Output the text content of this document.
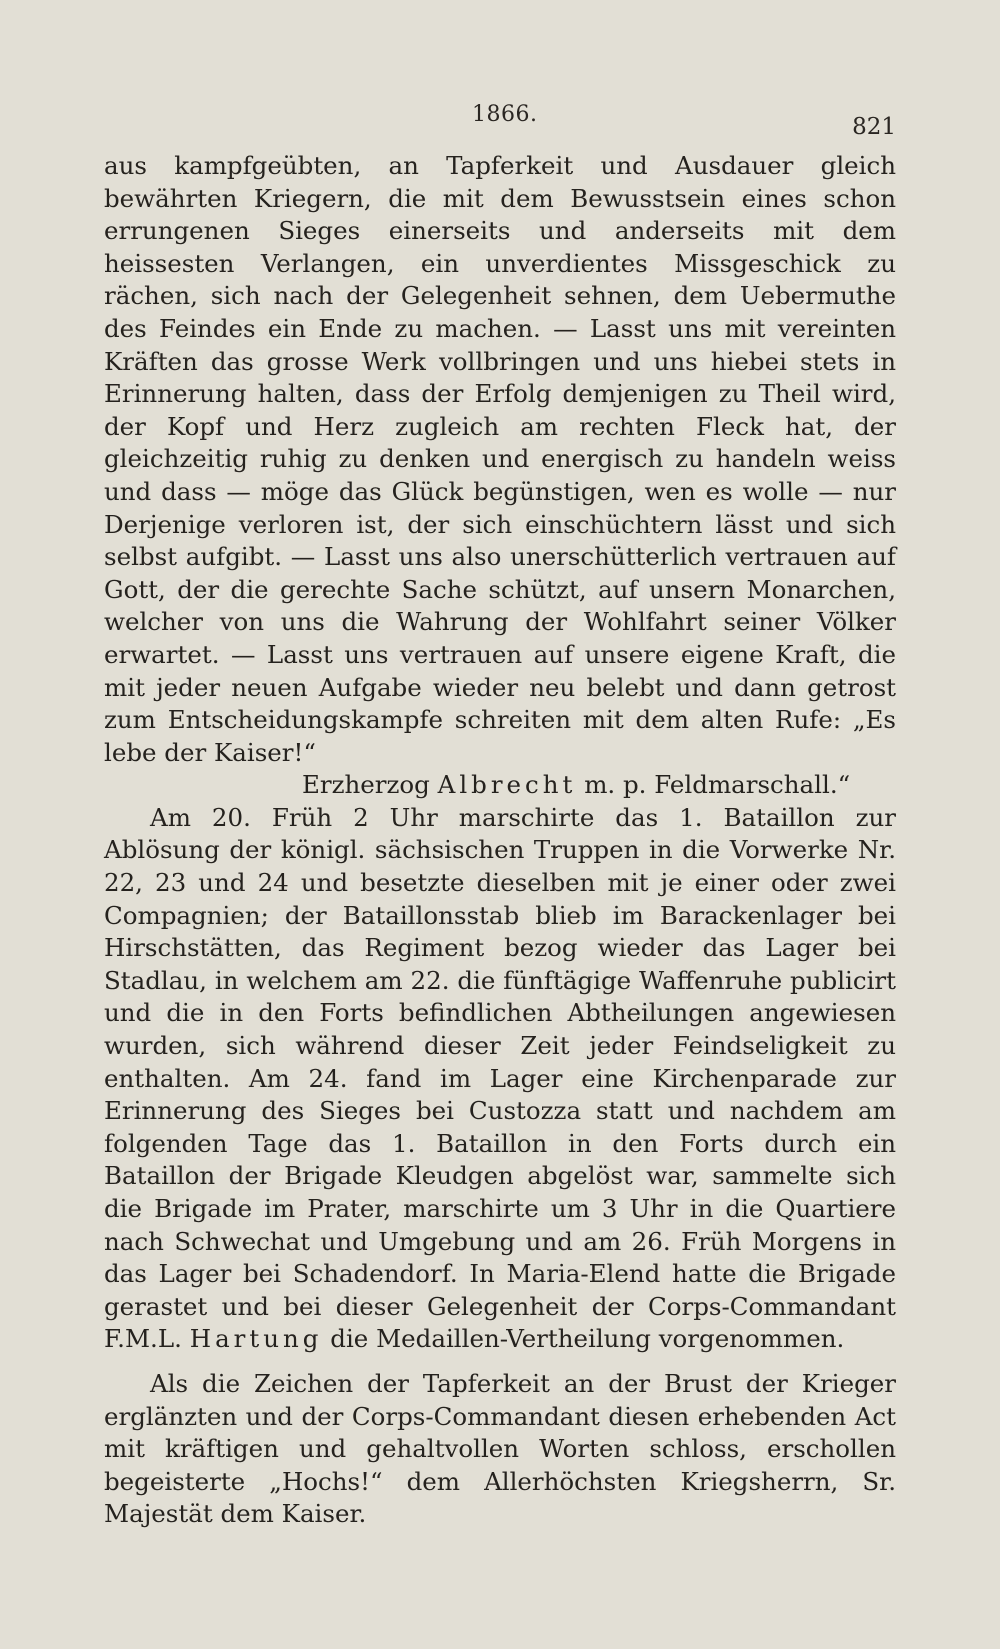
1866.	821

aus kampfgeübten, an Tapferkeit und Ausdauer gleich bewährten Kriegern, die mit dem Bewusstsein eines schon errungenen Sieges einerseits und anderseits mit dem heissesten Verlangen, ein unverdientes Missgeschick zu rächen, sich nach der Gelegenheit sehnen, dem Uebermuthe des Feindes ein Ende zu machen. — Lasst uns mit vereinten Kräften das grosse Werk vollbringen und uns hiebei stets in Erinnerung halten, dass der Erfolg demjenigen zu Theil wird, der Kopf und Herz zugleich am rechten Fleck hat, der gleichzeitig ruhig zu denken und energisch zu handeln weiss und dass — möge das Glück begünstigen, wen es wolle — nur Derjenige verloren ist, der sich einschüchtern lässt und sich selbst aufgibt. — Lasst uns also unerschütterlich vertrauen auf Gott, der die gerechte Sache schützt, auf unsern Monarchen, welcher von uns die Wahrung der Wohlfahrt seiner Völker erwartet. — Lasst uns vertrauen auf unsere eigene Kraft, die mit jeder neuen Aufgabe wieder neu belebt und dann getrost zum Entscheidungskampfe schreiten mit dem alten Rufe: „Es lebe der Kaiser!“

Erzherzog Albrecht m. p. Feldmarschall.“

Am 20. Früh 2 Uhr marschirte das 1. Bataillon zur Ablösung der königl. sächsischen Truppen in die Vorwerke Nr. 22, 23 und 24 und besetzte dieselben mit je einer oder zwei Compagnien; der Bataillonsstab blieb im Barackenlager bei Hirschstätten, das Regiment bezog wieder das Lager bei Stadlau, in welchem am 22. die fünftägige Waffenruhe publicirt und die in den Forts befindlichen Abtheilungen angewiesen wurden, sich während dieser Zeit jeder Feindseligkeit zu enthalten. Am 24. fand im Lager eine Kirchenparade zur Erinnerung des Sieges bei Custozza statt und nachdem am folgenden Tage das 1. Bataillon in den Forts durch ein Bataillon der Brigade Kleudgen abgelöst war, sammelte sich die Brigade im Prater, marschirte um 3 Uhr in die Quartiere nach Schwechat und Umgebung und am 26. Früh Morgens in das Lager bei Schadendorf. In Maria-Elend hatte die Brigade gerastet und bei dieser Gelegenheit der Corps-Commandant F.M.L. Hartung die Medaillen-Vertheilung vorgenommen.

Als die Zeichen der Tapferkeit an der Brust der Krieger erglänzten und der Corps-Commandant diesen erhebenden Act mit kräftigen und gehaltvollen Worten schloss, erschollen begeisterte „Hochs!“ dem Allerhöchsten Kriegsherrn, Sr. Majestät dem Kaiser.
